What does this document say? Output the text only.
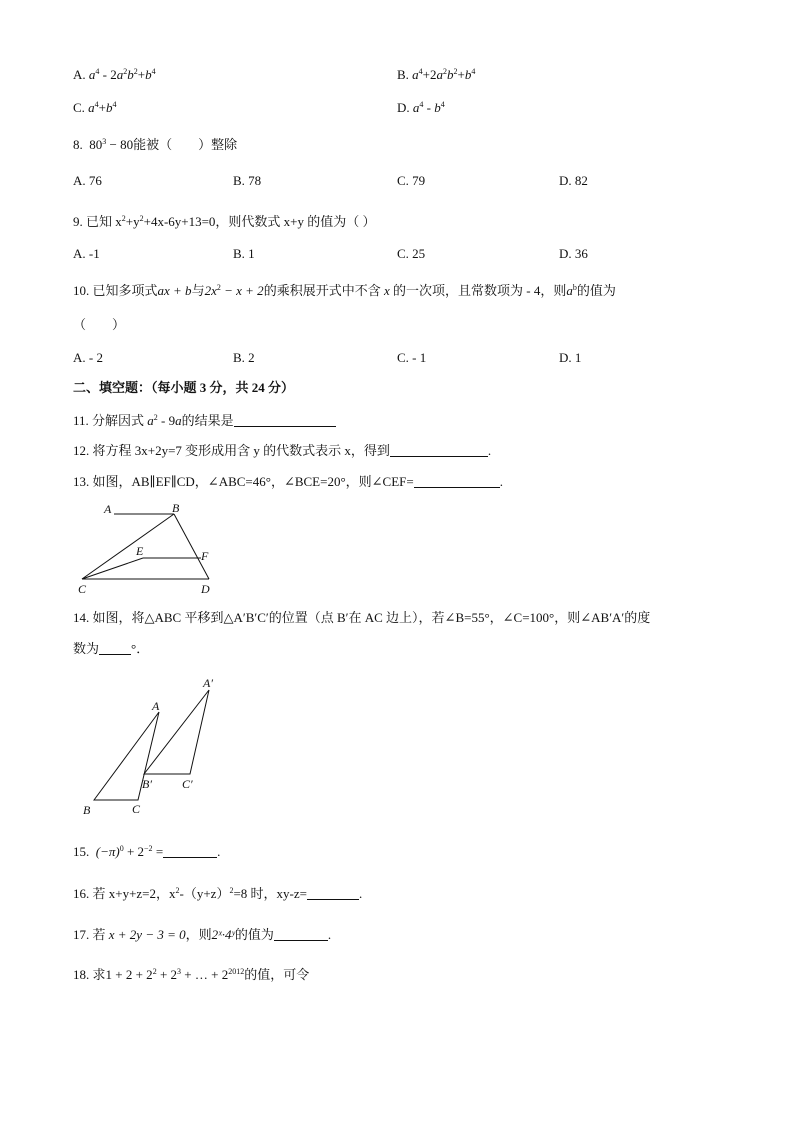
A. $a^4 - 2a^2b^2+b^4$	B. $a^4+2a^2b^2+b^4$
C. $a^4+b^4$	D. $a^4 - b^4$
8. $80^3 - 80$能被（　　）整除
A. 76	B. 78	C. 79	D. 82
9. 已知 $x^2+y^2+4x-6y+13=0$，则代数式 x+y 的值为（ ）
A. -1	B. 1	C. 25	D. 36
10. 已知多项式ax + b与$2x^2 - x + 2$的乘积展开式中不含 x 的一次项，且常数项为 - 4，则$a^b$的值为
（　　）
A. - 2	B. 2	C. - 1	D. 1
二、填空题：（每小题 3 分，共 24 分）
11. 分解因式 $a^2 - 9a$的结果是
12. 将方程 3x+2y=7 变形成用含 y 的代数式表示 x，得到	.
13. 如图，AB∥EF∥CD，∠ABC=46°，∠BCE=20°，则∠CEF=	.
A	B
E	F
C	D
14. 如图，将△ABC 平移到△A′B′C′的位置（点 B′在 AC 边上），若∠B=55°，∠C=100°，则∠AB′A′的度
数为 °．
A
A′
B
B′
C
C′
15. $(-\pi)^0 + 2^{-2}$ =	.
16. 若 x+y+z=2，$x^2-(y+z)^2=8$ 时，xy-z=	.
17. 若 x + 2y − 3 = 0，则2ˣ·4ʸ的值为	.
18. 求$1 + 2 + 2^2 + 2^3$ + … + $2^{2012}$的值，可令
